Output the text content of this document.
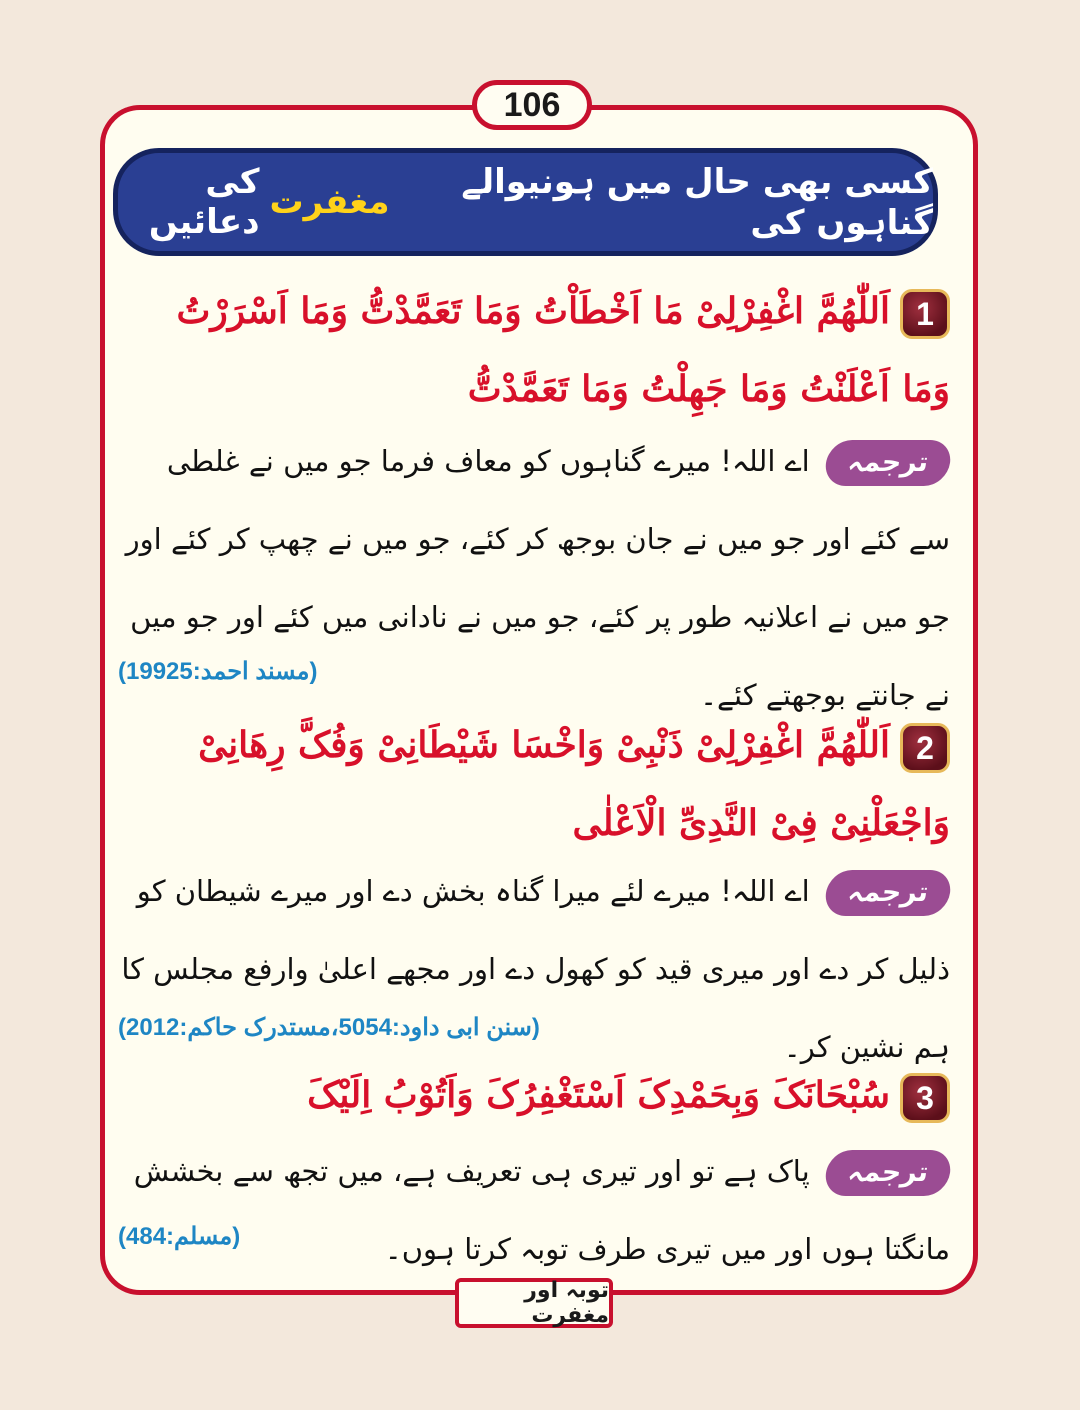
106
کسی بھی حال میں ہونیوالے گناہوں کی
مغفرت
کی دعائیں

1اَللّٰھُمَّ اغْفِرْلِیْ مَا اَخْطَاْتُ وَمَا تَعَمَّدْتُّ وَمَا اَسْرَرْتُ وَمَا اَعْلَنْتُ وَمَا جَھِلْتُ وَمَا تَعَمَّدْتُّ

ترجمہاے اللہ! میرے گناہوں کو معاف فرما جو میں نے غلطی سے کئے اور جو میں نے جان بوجھ کر کئے، جو میں نے چھپ کر کئے اور جو میں نے اعلانیہ طور پر کئے، جو میں نے نادانی میں کئے اور جو میں نے جانتے بوجھتے کئے۔

(مسند احمد:19925)

2اَللّٰھُمَّ اغْفِرْلِیْ ذَنْبِیْ وَاخْسَا شَیْطَانِیْ وَفُکَّ رِھَانِیْ وَاجْعَلْنِیْ فِیْ النَّدِیِّ الْاَعْلٰی

ترجمہاے اللہ! میرے لئے میرا گناہ بخش دے اور میرے شیطان کو ذلیل کر دے اور میری قید کو کھول دے اور مجھے اعلیٰ وارفع مجلس کا ہم نشین کر۔

(سنن ابی داود:5054،مستدرک حاکم:2012)

3سُبْحَانَکَ وَبِحَمْدِکَ اَسْتَغْفِرُکَ وَاَتُوْبُ اِلَیْکَ

ترجمہپاک ہے تو اور تیری ہی تعریف ہے، میں تجھ سے بخشش مانگتا ہوں اور میں تیری طرف توبہ کرتا ہوں۔

(مسلم:484)
توبہ اور مغفرت
